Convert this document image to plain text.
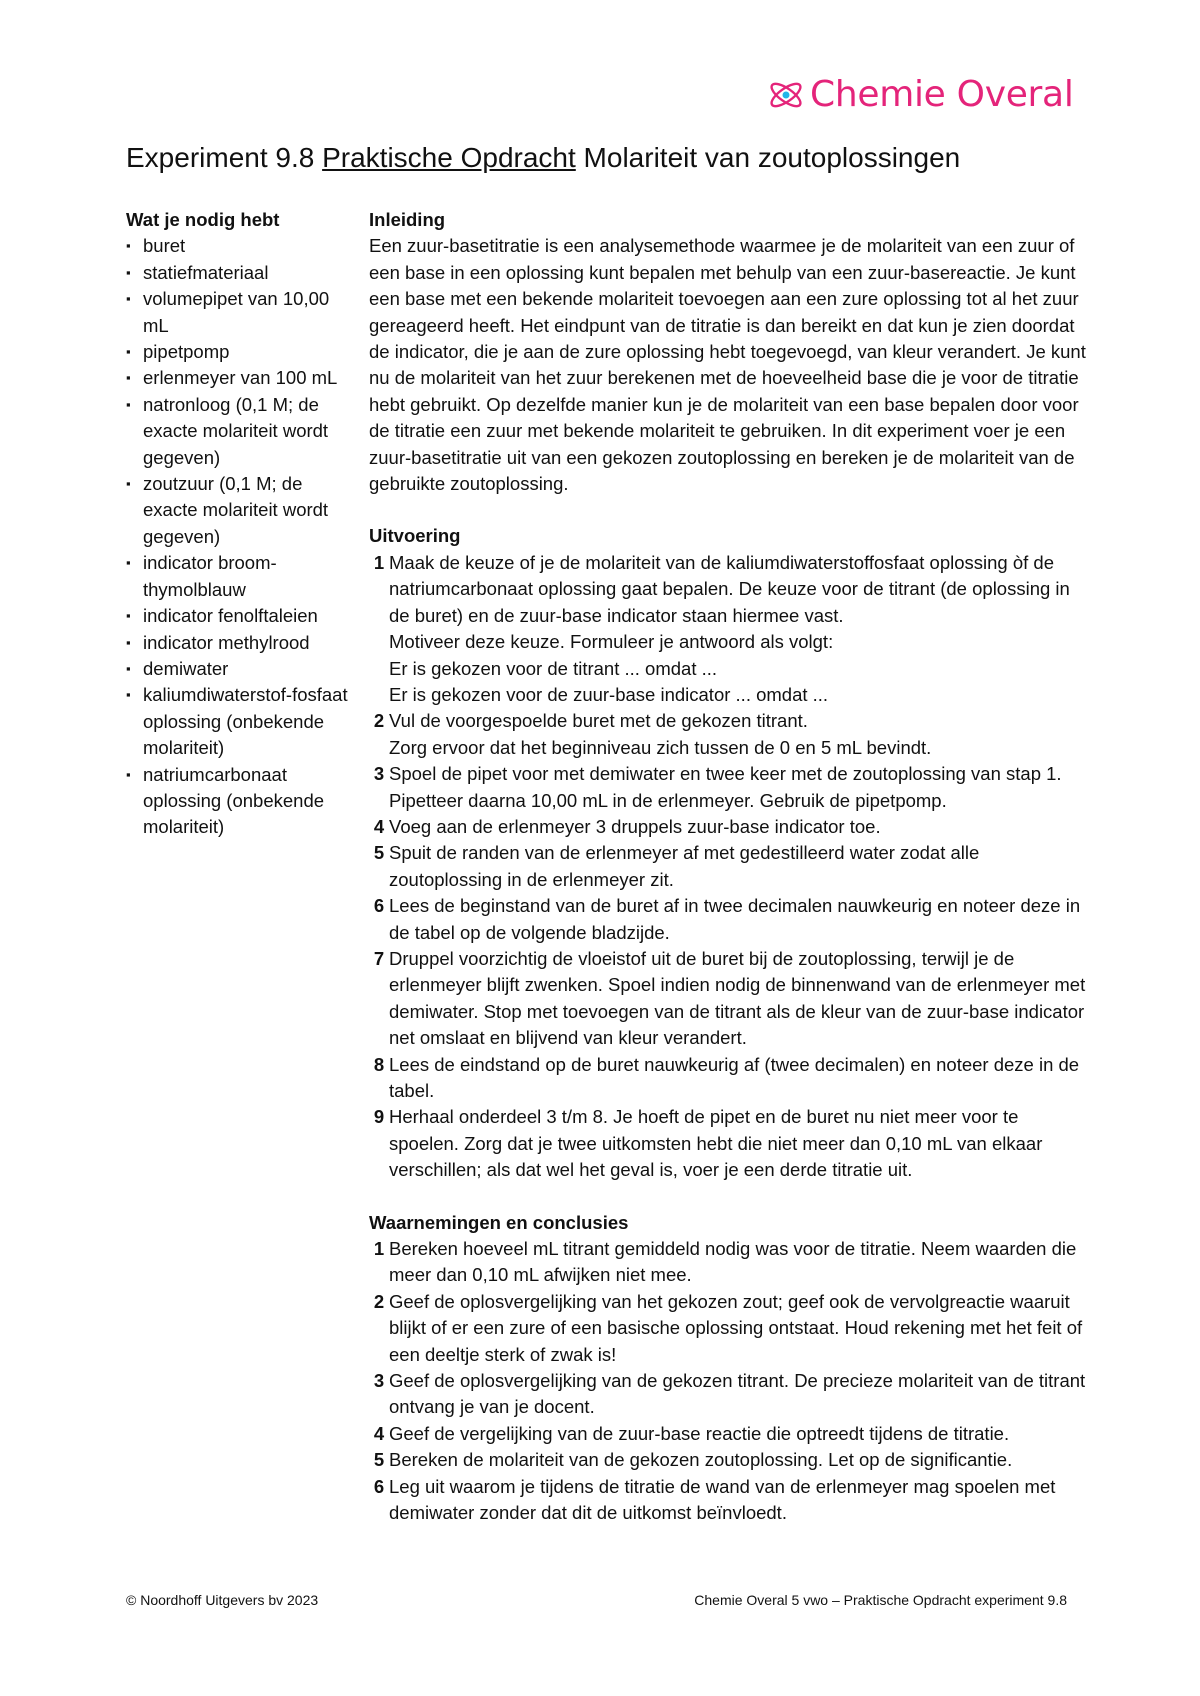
Chemie Overal
Experiment 9.8 Praktische Opdracht Molariteit van zoutoplossingen
Wat je nodig hebt
▪ buret
▪ statiefmateriaal
▪ volumepipet van 10,00 mL
▪ pipetpomp
▪ erlenmeyer van 100 mL
▪ natronloog (0,1 M; de exacte molariteit wordt gegeven)
▪ zoutzuur (0,1 M; de exacte molariteit wordt gegeven)
▪ indicator broom-thymolblauw
▪ indicator fenolftaleien
▪ indicator methylrood
▪ demiwater
▪ kaliumdiwaterstof-fosfaat oplossing (onbekende molariteit)
▪ natriumcarbonaat oplossing (onbekende molariteit)
Inleiding

Een zuur-basetitratie is een analysemethode waarmee je de molariteit van een zuur of een base in een oplossing kunt bepalen met behulp van een zuur-basereactie. Je kunt een base met een bekende molariteit toevoegen aan een zure oplossing tot al het zuur gereageerd heeft. Het eindpunt van de titratie is dan bereikt en dat kun je zien doordat de indicator, die je aan de zure oplossing hebt toegevoegd, van kleur verandert. Je kunt nu de molariteit van het zuur berekenen met de hoeveelheid base die je voor de titratie hebt gebruikt. Op dezelfde manier kun je de molariteit van een base bepalen door voor de titratie een zuur met bekende molariteit te gebruiken. In dit experiment voer je een zuur-basetitratie uit van een gekozen zoutoplossing en bereken je de molariteit van de gebruikte zoutoplossing.

Uitvoering
1 Maak de keuze of je de molariteit van de kaliumdiwaterstoffosfaat oplossing òf de natriumcarbonaat oplossing gaat bepalen. De keuze voor de titrant (de oplossing in de buret) en de zuur-base indicator staan hiermee vast.
Motiveer deze keuze. Formuleer je antwoord als volgt:
Er is gekozen voor de titrant ... omdat ...
Er is gekozen voor de zuur-base indicator ... omdat ...
2 Vul de voorgespoelde buret met de gekozen titrant.
Zorg ervoor dat het beginniveau zich tussen de 0 en 5 mL bevindt.
3 Spoel de pipet voor met demiwater en twee keer met de zoutoplossing van stap 1. Pipetteer daarna 10,00 mL in de erlenmeyer. Gebruik de pipetpomp.
4 Voeg aan de erlenmeyer 3 druppels zuur-base indicator toe.
5 Spuit de randen van de erlenmeyer af met gedestilleerd water zodat alle zoutoplossing in de erlenmeyer zit.
6 Lees de beginstand van de buret af in twee decimalen nauwkeurig en noteer deze in de tabel op de volgende bladzijde.
7 Druppel voorzichtig de vloeistof uit de buret bij de zoutoplossing, terwijl je de erlenmeyer blijft zwenken. Spoel indien nodig de binnenwand van de erlenmeyer met demiwater. Stop met toevoegen van de titrant als de kleur van de zuur-base indicator net omslaat en blijvend van kleur verandert.
8 Lees de eindstand op de buret nauwkeurig af (twee decimalen) en noteer deze in de tabel.
9 Herhaal onderdeel 3 t/m 8. Je hoeft de pipet en de buret nu niet meer voor te spoelen. Zorg dat je twee uitkomsten hebt die niet meer dan 0,10 mL van elkaar verschillen; als dat wel het geval is, voer je een derde titratie uit.
Waarnemingen en conclusies
1 Bereken hoeveel mL titrant gemiddeld nodig was voor de titratie. Neem waarden die meer dan 0,10 mL afwijken niet mee.
2 Geef de oplosvergelijking van het gekozen zout; geef ook de vervolgreactie waaruit blijkt of er een zure of een basische oplossing ontstaat. Houd rekening met het feit of een deeltje sterk of zwak is!
3 Geef de oplosvergelijking van de gekozen titrant. De precieze molariteit van de titrant ontvang je van je docent.
4 Geef de vergelijking van de zuur-base reactie die optreedt tijdens de titratie.
5 Bereken de molariteit van de gekozen zoutoplossing. Let op de significantie.
6 Leg uit waarom je tijdens de titratie de wand van de erlenmeyer mag spoelen met demiwater zonder dat dit de uitkomst beïnvloedt.
© Noordhoff Uitgevers bv 2023	Chemie Overal 5 vwo – Praktische Opdracht experiment 9.8
